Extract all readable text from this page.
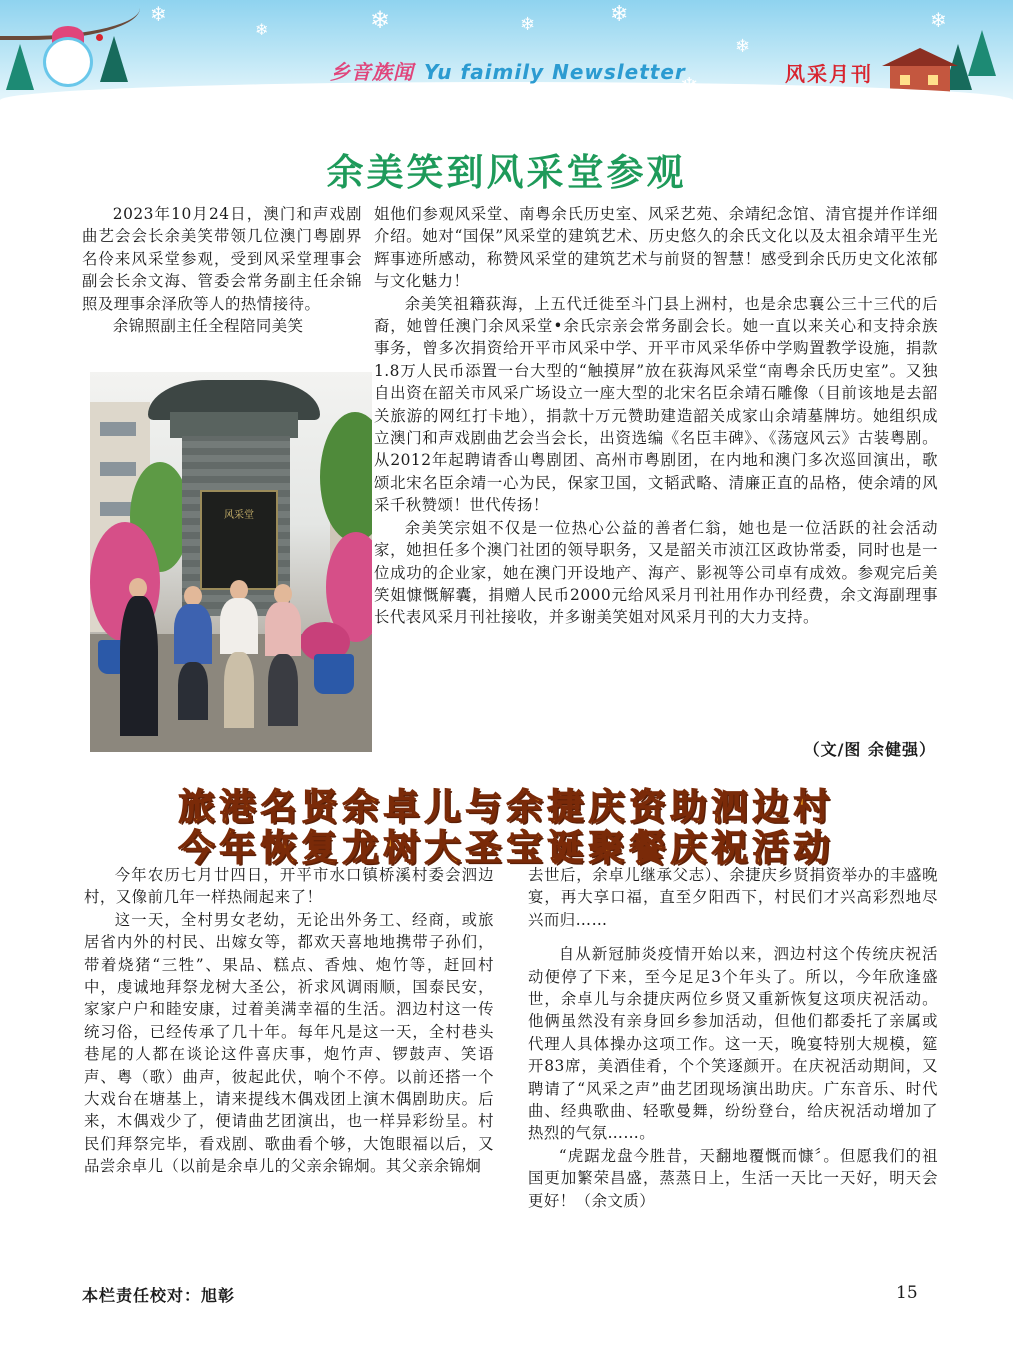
❄
❄	❄	❄	❄
❄
❄
乡音族闻 Yu faimily Newsletter	风采月刊
余美笑到风采堂参观

2023年10月24日，澳门和声戏剧曲艺会会长余美笑带领几位澳门粤剧界名伶来风采堂参观，受到风采堂理事会副会长余文海、管委会常务副主任余锦照及理事余泽欣等人的热情接待。

余锦照副主任全程陪同美笑

风采堂

姐他们参观风采堂、南粤余氏历史室、风采艺苑、余靖纪念馆、清官提并作详细介绍。她对“国保”风采堂的建筑艺术、历史悠久的余氏文化以及太祖余靖平生光辉事迹所感动，称赞风采堂的建筑艺术与前贤的智慧！感受到余氏历史文化浓郁与文化魅力！

余美笑祖籍荻海，上五代迁徙至斗门县上洲村，也是余忠襄公三十三代的后裔，她曾任澳门余风采堂•余氏宗亲会常务副会长。她一直以来关心和支持余族事务，曾多次捐资给开平市风采中学、开平市风采华侨中学购置教学设施，捐款1.8万人民币添置一台大型的“触摸屏”放在荻海风采堂“南粤余氏历史室”。又独自出资在韶关市风采广场设立一座大型的北宋名臣余靖石雕像（目前该地是去韶关旅游的网红打卡地），捐款十万元赞助建造韶关成家山余靖墓牌坊。她组织成立澳门和声戏剧曲艺会当会长，出资选编《名臣丰碑》、《荡寇风云》古装粤剧。从2012年起聘请香山粤剧团、高州市粤剧团，在内地和澳门多次巡回演出，歌颂北宋名臣余靖一心为民，保家卫国，文韬武略、清廉正直的品格，使余靖的风采千秋赞颂！世代传扬！

余美笑宗姐不仅是一位热心公益的善者仁翁，她也是一位活跃的社会活动家，她担任多个澳门社团的领导职务，又是韶关市浈江区政协常委，同时也是一位成功的企业家，她在澳门开设地产、海产、影视等公司卓有成效。参观完后美笑姐慷慨解囊，捐赠人民币2000元给风采月刊社用作办刊经费，余文海副理事长代表风采月刊社接收，并多谢美笑姐对风采月刊的大力支持。

（文/图 余健强）
旅港名贤余卓儿与余捷庆资助泗边村
今年恢复龙树大圣宝诞聚餐庆祝活动

今年农历七月廿四日，开平市水口镇桥溪村委会泗边村，又像前几年一样热闹起来了！

这一天，全村男女老幼，无论出外务工、经商，或旅居省内外的村民、出嫁女等，都欢天喜地地携带子孙们，带着烧猪“三牲”、果品、糕点、香烛、炮竹等，赶回村中，虔诚地拜祭龙树大圣公，祈求风调雨顺，国泰民安，家家户户和睦安康，过着美满幸福的生活。泗边村这一传统习俗，已经传承了几十年。每年凡是这一天，全村巷头巷尾的人都在谈论这件喜庆事，炮竹声、锣鼓声、笑语声、粤（歌）曲声，彼起此伏，响个不停。以前还搭一个大戏台在塘基上，请来提线木偶戏团上演木偶剧助庆。后来，木偶戏少了，便请曲艺团演出，也一样异彩纷呈。村民们拜祭完毕，看戏剧、歌曲看个够，大饱眼福以后，又品尝余卓儿（以前是余卓儿的父亲余锦炯。其父亲余锦炯

去世后，余卓儿继承父志）、余捷庆乡贤捐资举办的丰盛晚宴，再大享口福，直至夕阳西下，村民们才兴高彩烈地尽兴而归……

自从新冠肺炎疫情开始以来，泗边村这个传统庆祝活动便停了下来，至今足足3个年头了。所以，今年欣逢盛世，余卓儿与余捷庆两位乡贤又重新恢复这项庆祝活动。他俩虽然没有亲身回乡参加活动，但他们都委托了亲属或代理人具体操办这项工作。这一天，晚宴特别大规模，筵开83席，美酒佳肴，个个笑逐颜开。在庆祝活动期间，又聘请了“风采之声”曲艺团现场演出助庆。广东音乐、时代曲、经典歌曲、轻歌曼舞，纷纷登台，给庆祝活动增加了热烈的气氛……。

“虎踞龙盘今胜昔，天翻地覆慨而慷〞。但愿我们的祖国更加繁荣昌盛，蒸蒸日上，生活一天比一天好，明天会更好！（余文质）

本栏责任校对：旭彰	15
